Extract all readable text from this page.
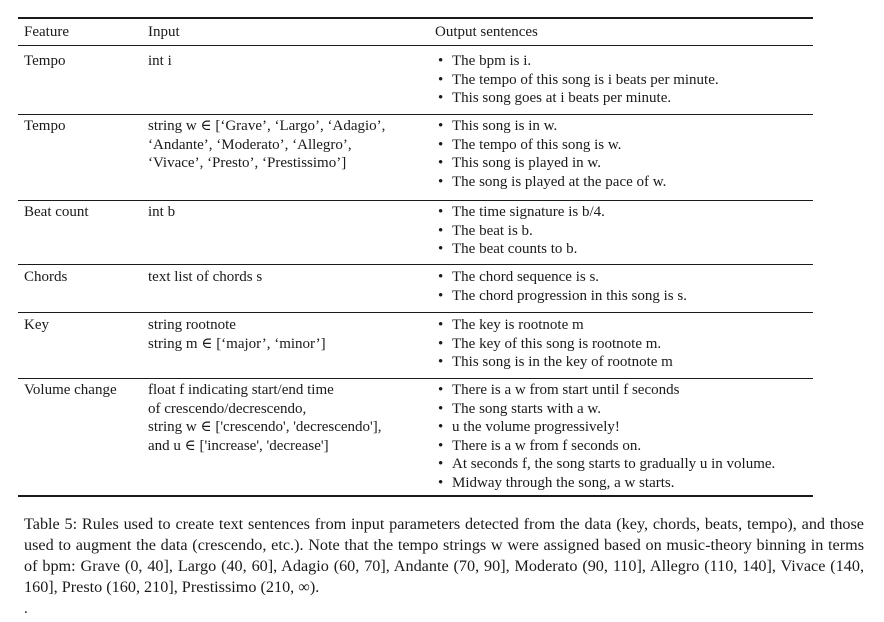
Feature	Input	Output sentences
Tempo	int i	• The bpm is i.
• The tempo of this song is i beats per minute.
• This song goes at i beats per minute.
Tempo	string w ∈ [‘Grave’, ‘Largo’, ‘Adagio’,
‘Andante’, ‘Moderato’, ‘Allegro’,
‘Vivace’, ‘Presto’, ‘Prestissimo’]
• This song is in w.
• The tempo of this song is w.
• This song is played in w.
• The song is played at the pace of w.
Beat count	int b	• The time signature is b/4.
• The beat is b.
• The beat counts to b.
Chords	text list of chords s	• The chord sequence is s.
• The chord progression in this song is s.
Key	string rootnote
string m ∈ [‘major’, ‘minor’]
• The key is rootnote m
• The key of this song is rootnote m.
• This song is in the key of rootnote m
Volume change float f indicating start/end time
of crescendo/decrescendo,
string w ∈ ['crescendo', 'decrescendo'],
and u ∈ ['increase', 'decrease']
• There is a w from start until f seconds
• The song starts with a w.
• u the volume progressively!
• There is a w from f seconds on.
• At seconds f, the song starts to gradually u in volume.
• Midway through the song, a w starts.
Table 5: Rules used to create text sentences from input parameters detected from the data (key, chords, beats, tempo), and those used to augment the data (crescendo, etc.). Note that the tempo strings w were assigned based on music-theory binning in terms of bpm: Grave (0, 40], Largo (40, 60], Adagio (60, 70], Andante (70, 90], Moderato (90, 110], Allegro (110, 140], Vivace (140, 160], Presto (160, 210], Prestissimo (210, ∞).
.
